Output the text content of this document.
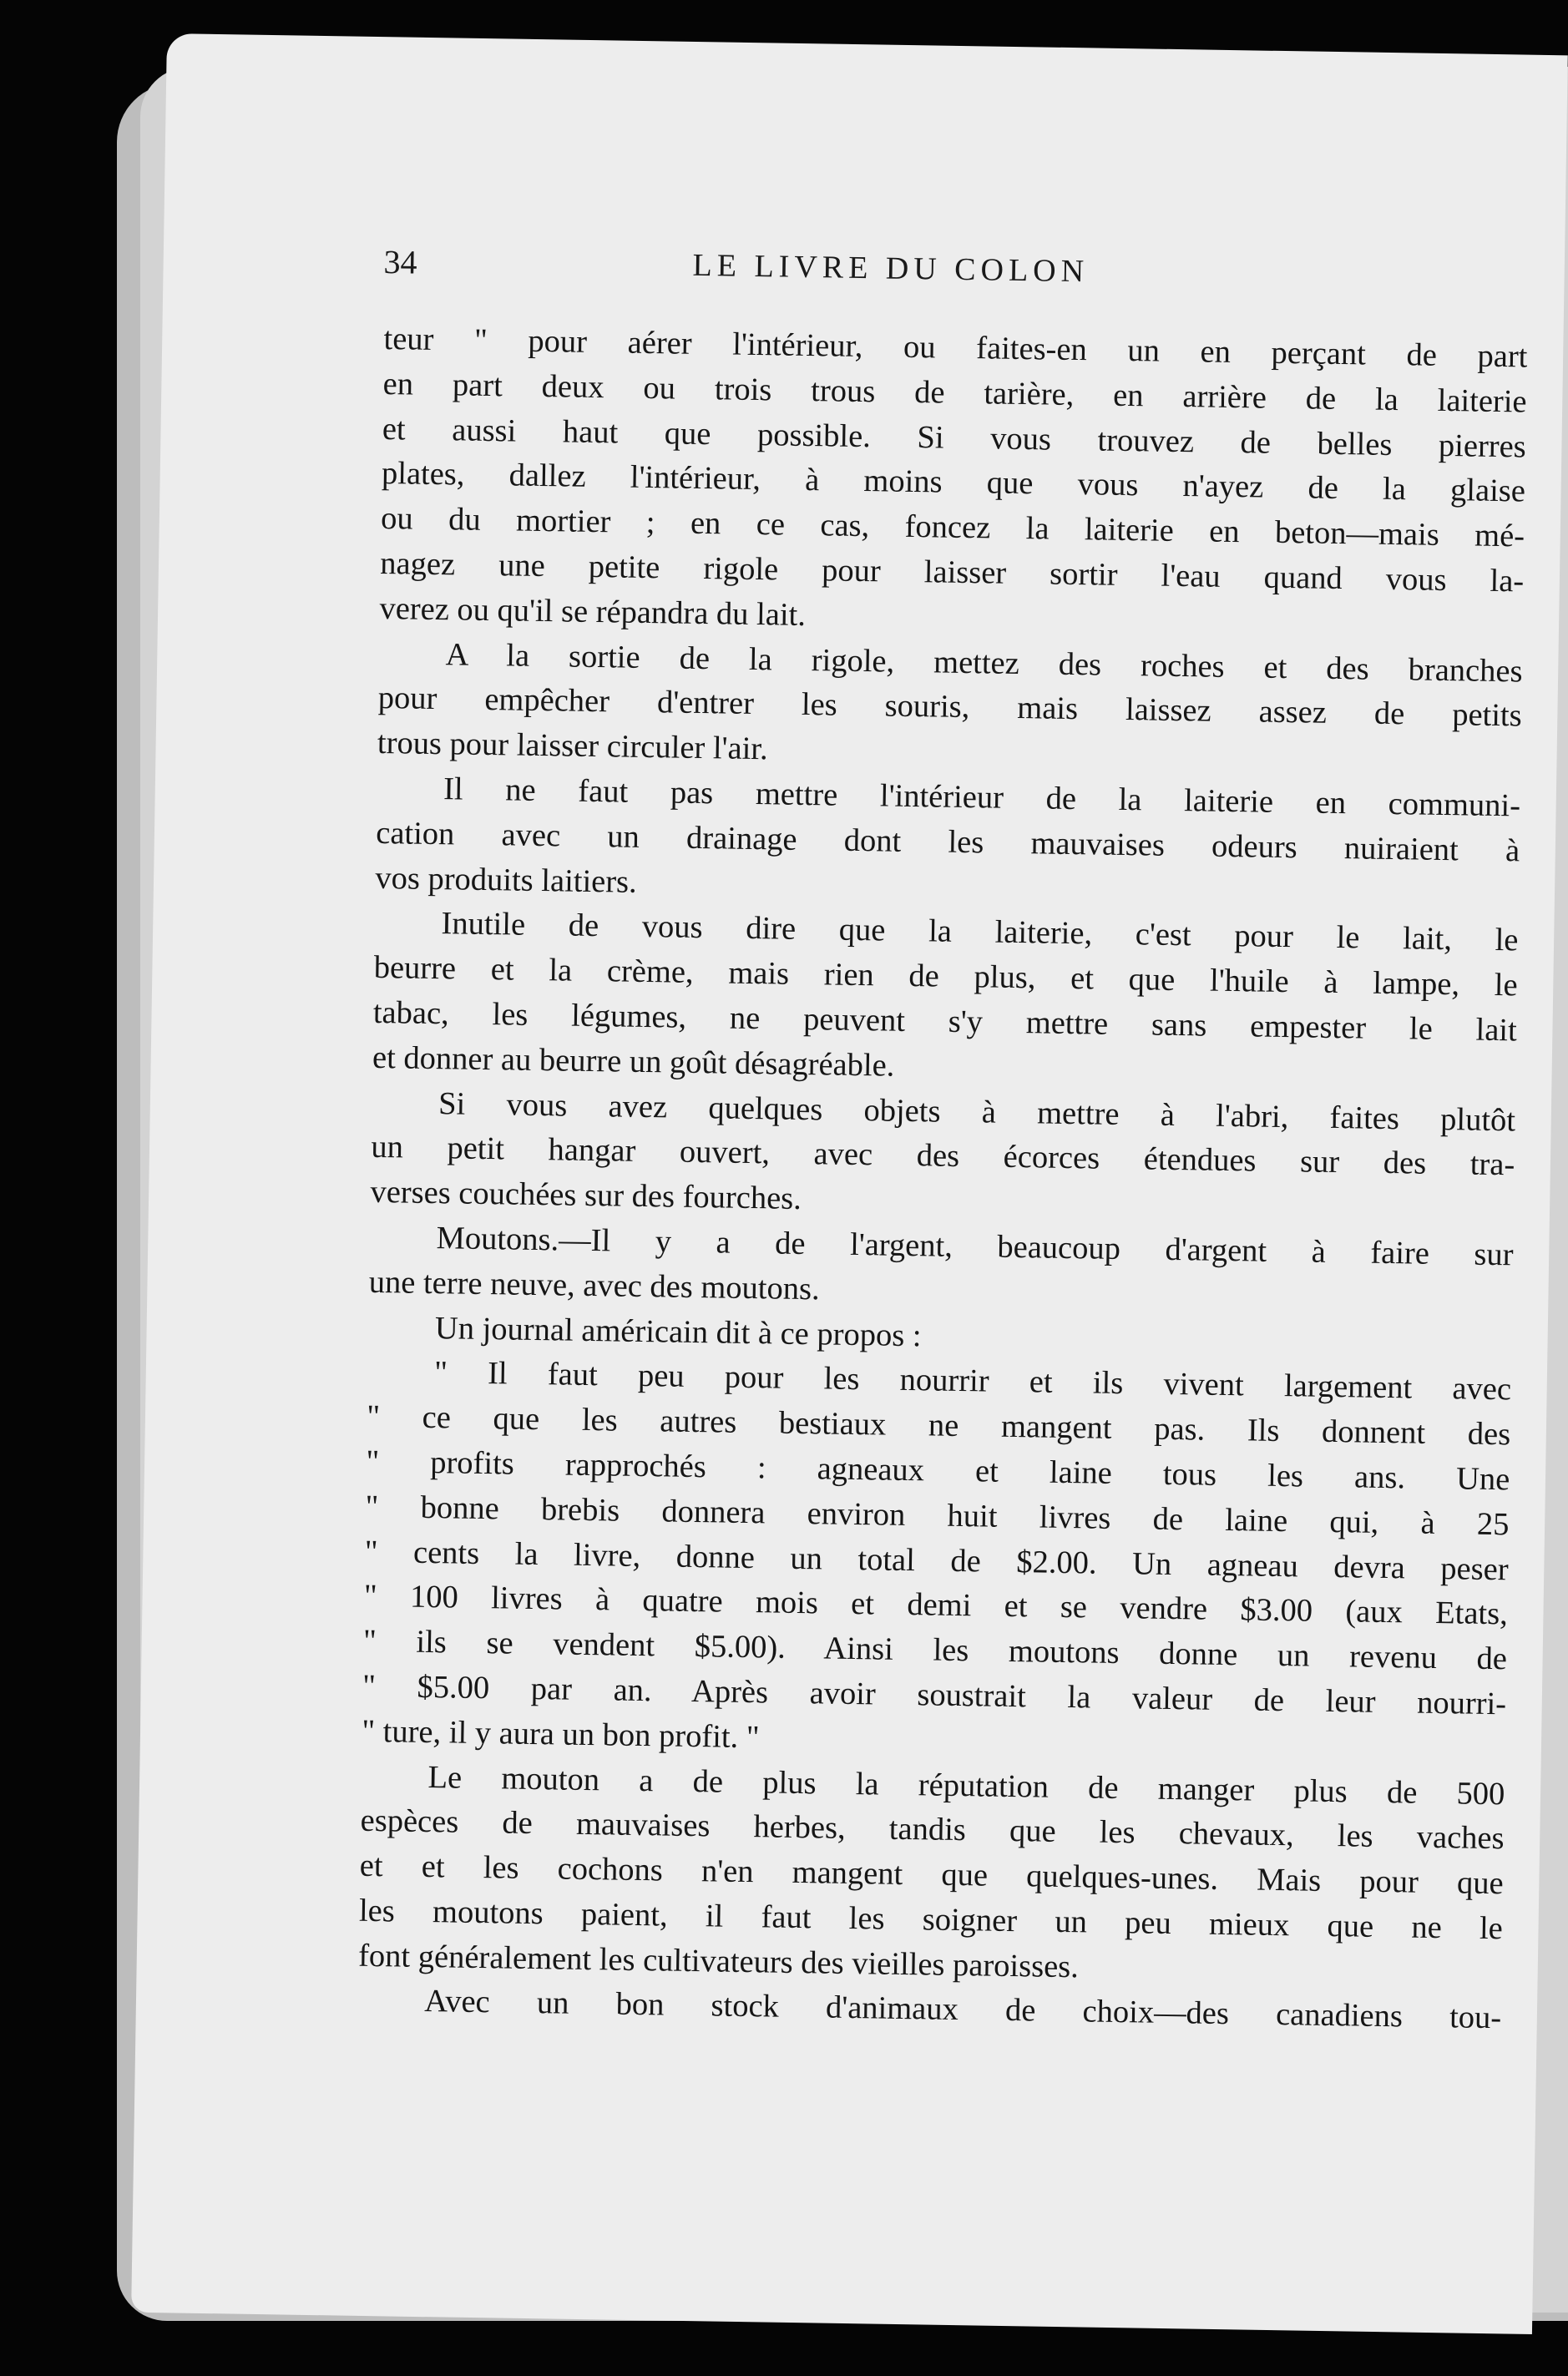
34	LE LIVRE DU COLON
teur " pour aérer l'intérieur, ou faites-en un en perçant de part
en part deux ou trois trous de tarière, en arrière de la laiterie
et aussi haut que possible. Si vous trouvez de belles pierres
plates, dallez l'intérieur, à moins que vous n'ayez de la glaise
ou du mortier ; en ce cas, foncez la laiterie en beton—mais mé-
nagez une petite rigole pour laisser sortir l'eau quand vous la-
verez ou qu'il se répandra du lait.
A la sortie de la rigole, mettez des roches et des branches
pour empêcher d'entrer les souris, mais laissez assez de petits
trous pour laisser circuler l'air.
Il ne faut pas mettre l'intérieur de la laiterie en communi-
cation avec un drainage dont les mauvaises odeurs nuiraient à
vos produits laitiers.
Inutile de vous dire que la laiterie, c'est pour le lait, le
beurre et la crème, mais rien de plus, et que l'huile à lampe, le
tabac, les légumes, ne peuvent s'y mettre sans empester le lait
et donner au beurre un goût désagréable.
Si vous avez quelques objets à mettre à l'abri, faites plutôt
un petit hangar ouvert, avec des écorces étendues sur des tra-
verses couchées sur des fourches.
Moutons.—Il y a de l'argent, beaucoup d'argent à faire sur
une terre neuve, avec des moutons.
Un journal américain dit à ce propos :
" Il faut peu pour les nourrir et ils vivent largement avec
" ce que les autres bestiaux ne mangent pas. Ils donnent des
" profits rapprochés : agneaux et laine tous les ans. Une
" bonne brebis donnera environ huit livres de laine qui, à 25
" cents la livre, donne un total de $2.00. Un agneau devra peser
" 100 livres à quatre mois et demi et se vendre $3.00 (aux Etats,
" ils se vendent $5.00). Ainsi les moutons donne un revenu de
" $5.00 par an. Après avoir soustrait la valeur de leur nourri-
" ture, il y aura un bon profit. "
Le mouton a de plus la réputation de manger plus de 500
espèces de mauvaises herbes, tandis que les chevaux, les vaches
et et les cochons n'en mangent que quelques-unes. Mais pour que
les moutons paient, il faut les soigner un peu mieux que ne le
font généralement les cultivateurs des vieilles paroisses.
Avec un bon stock d'animaux de choix—des canadiens tou-
